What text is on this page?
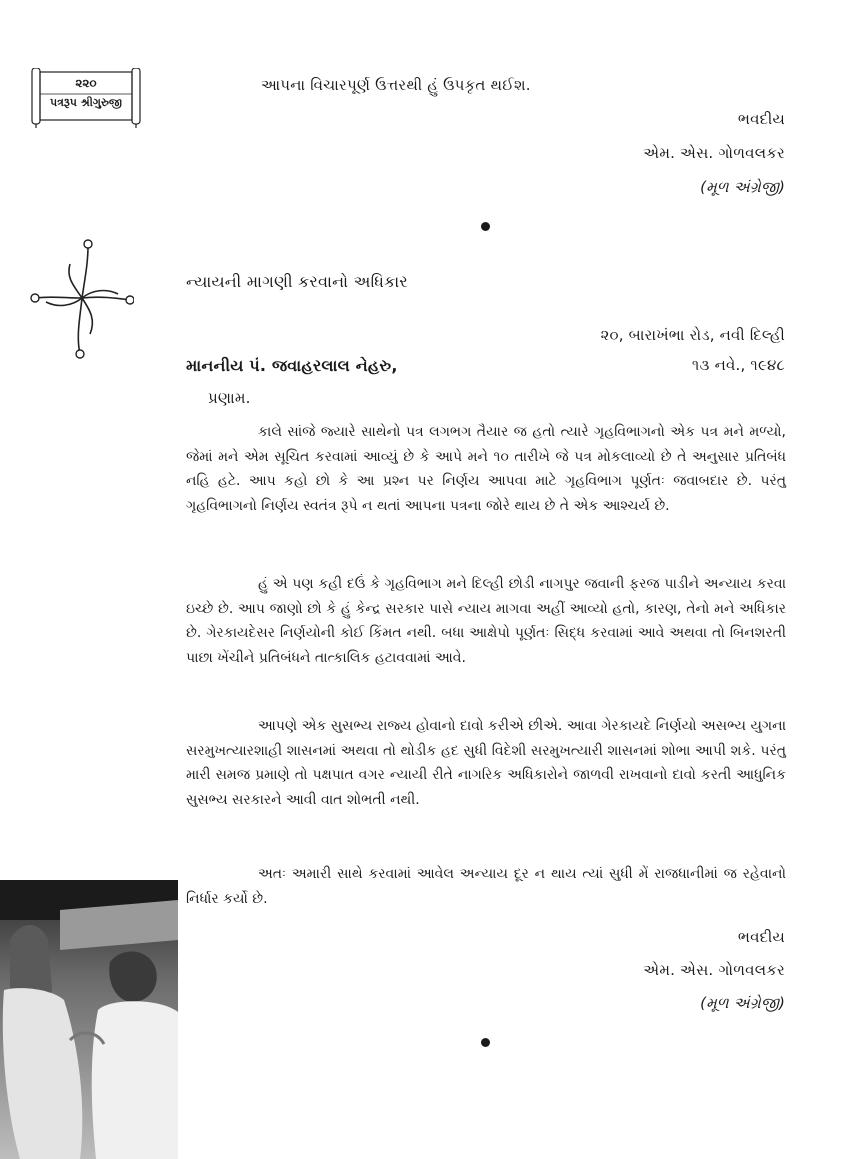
૨૨૦
પત્રરૂપ શ્રીગુરુજી
આપના વિચારપૂર્ણ ઉત્તરથી હું ઉપકૃત થઈશ.
ભવદીય
એમ. એસ. ગોળવલકર
(મૂળ અંગ્રેજી)
ન્યાયની માગણી કરવાનો અધિકાર
૨૦, બારાખંભા રોડ, નવી દિલ્હી
માનનીય પં. જવાહરલાલ નેહરુ,	૧૩ નવે., ૧૯૪૮
પ્રણામ.
કાલે સાંજે જ્યારે સાથેનો પત્ર લગભગ તૈયાર જ હતો ત્યારે ગૃહવિભાગનો એક પત્ર મને મળ્યો, જેમાં મને એમ સૂચિત કરવામાં આવ્યું છે કે આપે મને ૧૦ તારીખે જે પત્ર મોકલાવ્યો છે તે અનુસાર પ્રતિબંધ નહિ હટે. આપ કહો છો કે આ પ્રશ્ન પર નિર્ણય આપવા માટે ગૃહવિભાગ પૂર્ણતઃ જવાબદાર છે. પરંતુ ગૃહવિભાગનો નિર્ણય સ્વતંત્ર રૂપે ન થતાં આપના પત્રના જોરે થાય છે તે એક આશ્ચર્ય છે.
હું એ પણ કહી દઉં કે ગૃહવિભાગ મને દિલ્હી છોડી નાગપુર જવાની ફરજ પાડીને અન્યાય કરવા ઇચ્છે છે. આપ જાણો છો કે હું કેન્દ્ર સરકાર પાસે ન્યાય માગવા અહીં આવ્યો હતો, કારણ, તેનો મને અધિકાર છે. ગેરકાયદેસર નિર્ણયોની કોઈ કિંમત નથી. બધા આક્ષેપો પૂર્ણતઃ સિદ્ધ કરવામાં આવે અથવા તો બિનશરતી પાછા ખેંચીને પ્રતિબંધને તાત્કાલિક હટાવવામાં આવે.
આપણે એક સુસભ્ય રાજ્ય હોવાનો દાવો કરીએ છીએ. આવા ગેરકાયદે નિર્ણયો અસભ્ય યુગના સરમુખત્યારશાહી શાસનમાં અથવા તો થોડીક હદ સુધી વિદેશી સરમુખત્યારી શાસનમાં શોભા આપી શકે. પરંતુ મારી સમજ પ્રમાણે તો પક્ષપાત વગર ન્યાયી રીતે નાગરિક અધિકારોને જાળવી રાખવાનો દાવો કરતી આધુનિક સુસભ્ય સરકારને આવી વાત શોભતી નથી.
અતઃ અમારી સાથે કરવામાં આવેલ અન્યાય દૂર ન થાય ત્યાં સુધી મેં રાજધાનીમાં જ રહેવાનો નિર્ધાર કર્યો છે.
ભવદીય
એમ. એસ. ગોળવલકર
(મૂળ અંગ્રેજી)
